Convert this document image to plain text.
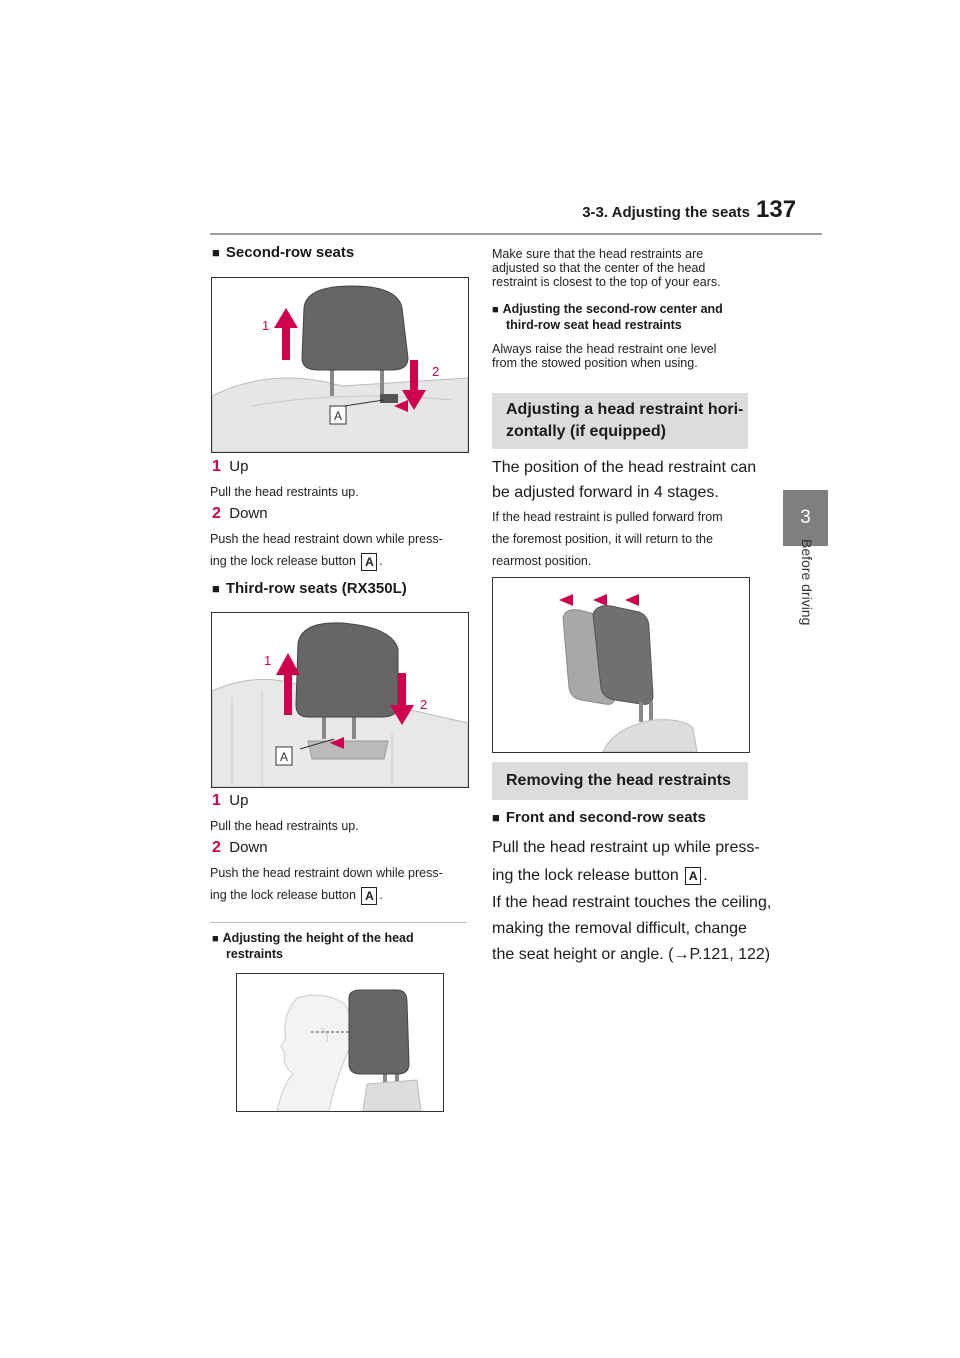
3-3. Adjusting the seats 137
3
Before driving
■ Second-row seats
A
1
2
1 Up
Pull the head restraints up.
2 Down
Push the head restraint down while press-
ing the lock release button A .
■ Third-row seats (RX350L)
A
1
2
1 Up
Pull the head restraints up.
2 Down
Push the head restraint down while press-
ing the lock release button A .
■ Adjusting the height of the head
restraints
Make sure that the head restraints are
adjusted so that the center of the head
restraint is closest to the top of your ears.
■ Adjusting the second-row center and
third-row seat head restraints
Always raise the head restraint one level
from the stowed position when using.
Adjusting a head restraint hori-
zontally (if equipped)
The position of the head restraint can
be adjusted forward in 4 stages.
If the head restraint is pulled forward from
the foremost position, it will return to the
rearmost position.
Removing the head restraints
■ Front and second-row seats
Pull the head restraint up while press-
ing the lock release button A .
If the head restraint touches the ceiling,
making the removal difficult, change
the seat height or angle. (→P.121, 122)
